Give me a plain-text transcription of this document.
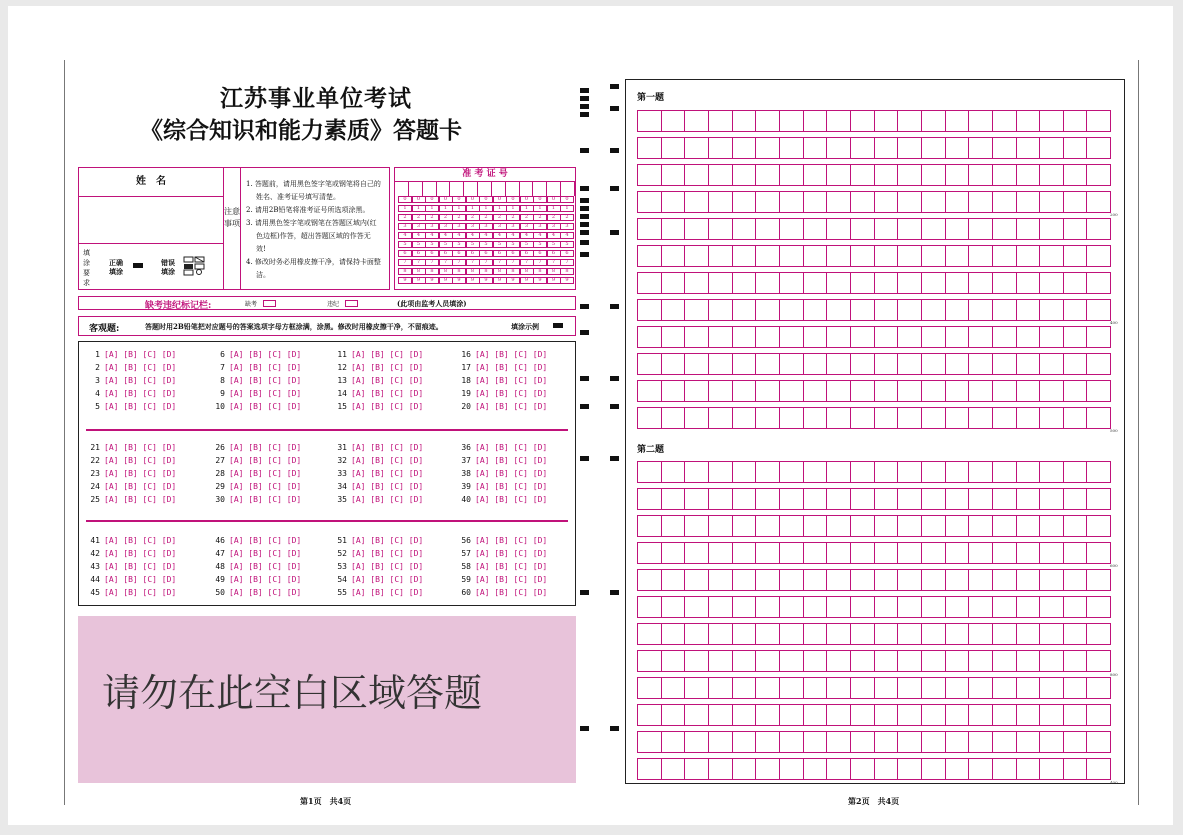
江苏事业单位考试
《综合知识和能力素质》答题卡
姓　名
填涂要求
正确填涂
错误填涂
注意事项
1. 答题前，请用黑色签字笔或钢笔将自己的
姓名、准考证号填写清楚。
2. 请用2B铅笔将准考证号所选项涂黑。
3. 请用黑色签字笔或钢笔在答题区域内(红
色边框)作答，超出答题区域的作答无
效!
4. 修改时务必用橡皮擦干净，请保持卡面整
洁。
准 考 证 号
0	0	0	0	0	0	0	0	0	0	0	0	0
1	1	1	1	1	1	1	1	1	1	1	1	1
2	2	2	2	2	2	2	2	2	2	2	2	2
3	3	3	3	3	3	3	3	3	3	3	3	3
4	4	4	4	4	4	4	4	4	4	4	4	4
5	5	5	5	5	5	5	5	5	5	5	5	5
6	6	6	6	6	6	6	6	6	6	6	6	6
7	7	7	7	7	7	7	7	7	7	7	7	7
8	8	8	8	8	8	8	8	8	8	8	8	8
9	9	9	9	9	9	9	9	9	9	9	9	9
缺考违纪标记栏:	缺考	违纪	(此项由监考人员填涂)
客观题:	答题时用2B铅笔把对应题号的答案选项字母方框涂满，涂黑。修改时用橡皮擦干净，不留痕迹。	填涂示例
1 [A] [B] [C] [D]
2 [A] [B] [C] [D]
3 [A] [B] [C] [D]
4 [A] [B] [C] [D]
5 [A] [B] [C] [D]
6 [A] [B] [C] [D]
7 [A] [B] [C] [D]
8 [A] [B] [C] [D]
9 [A] [B] [C] [D]
10 [A] [B] [C] [D]
11 [A] [B] [C] [D]
12 [A] [B] [C] [D]
13 [A] [B] [C] [D]
14 [A] [B] [C] [D]
15 [A] [B] [C] [D]
16 [A] [B] [C] [D]
17 [A] [B] [C] [D]
18 [A] [B] [C] [D]
19 [A] [B] [C] [D]
20 [A] [B] [C] [D]
21 [A] [B] [C] [D]
22 [A] [B] [C] [D]
23 [A] [B] [C] [D]
24 [A] [B] [C] [D]
25 [A] [B] [C] [D]
26 [A] [B] [C] [D]
27 [A] [B] [C] [D]
28 [A] [B] [C] [D]
29 [A] [B] [C] [D]
30 [A] [B] [C] [D]
31 [A] [B] [C] [D]
32 [A] [B] [C] [D]
33 [A] [B] [C] [D]
34 [A] [B] [C] [D]
35 [A] [B] [C] [D]
36 [A] [B] [C] [D]
37 [A] [B] [C] [D]
38 [A] [B] [C] [D]
39 [A] [B] [C] [D]
40 [A] [B] [C] [D]
41 [A] [B] [C] [D]
42 [A] [B] [C] [D]
43 [A] [B] [C] [D]
44 [A] [B] [C] [D]
45 [A] [B] [C] [D]
46 [A] [B] [C] [D]
47 [A] [B] [C] [D]
48 [A] [B] [C] [D]
49 [A] [B] [C] [D]
50 [A] [B] [C] [D]
51 [A] [B] [C] [D]
52 [A] [B] [C] [D]
53 [A] [B] [C] [D]
54 [A] [B] [C] [D]
55 [A] [B] [C] [D]
56 [A] [B] [C] [D]
57 [A] [B] [C] [D]
58 [A] [B] [C] [D]
59 [A] [B] [C] [D]
60 [A] [B] [C] [D]
请勿在此空白区域答题
第一题
第二题
200
400
500
600
800
400
第1页　共4页	第2页　共4页
